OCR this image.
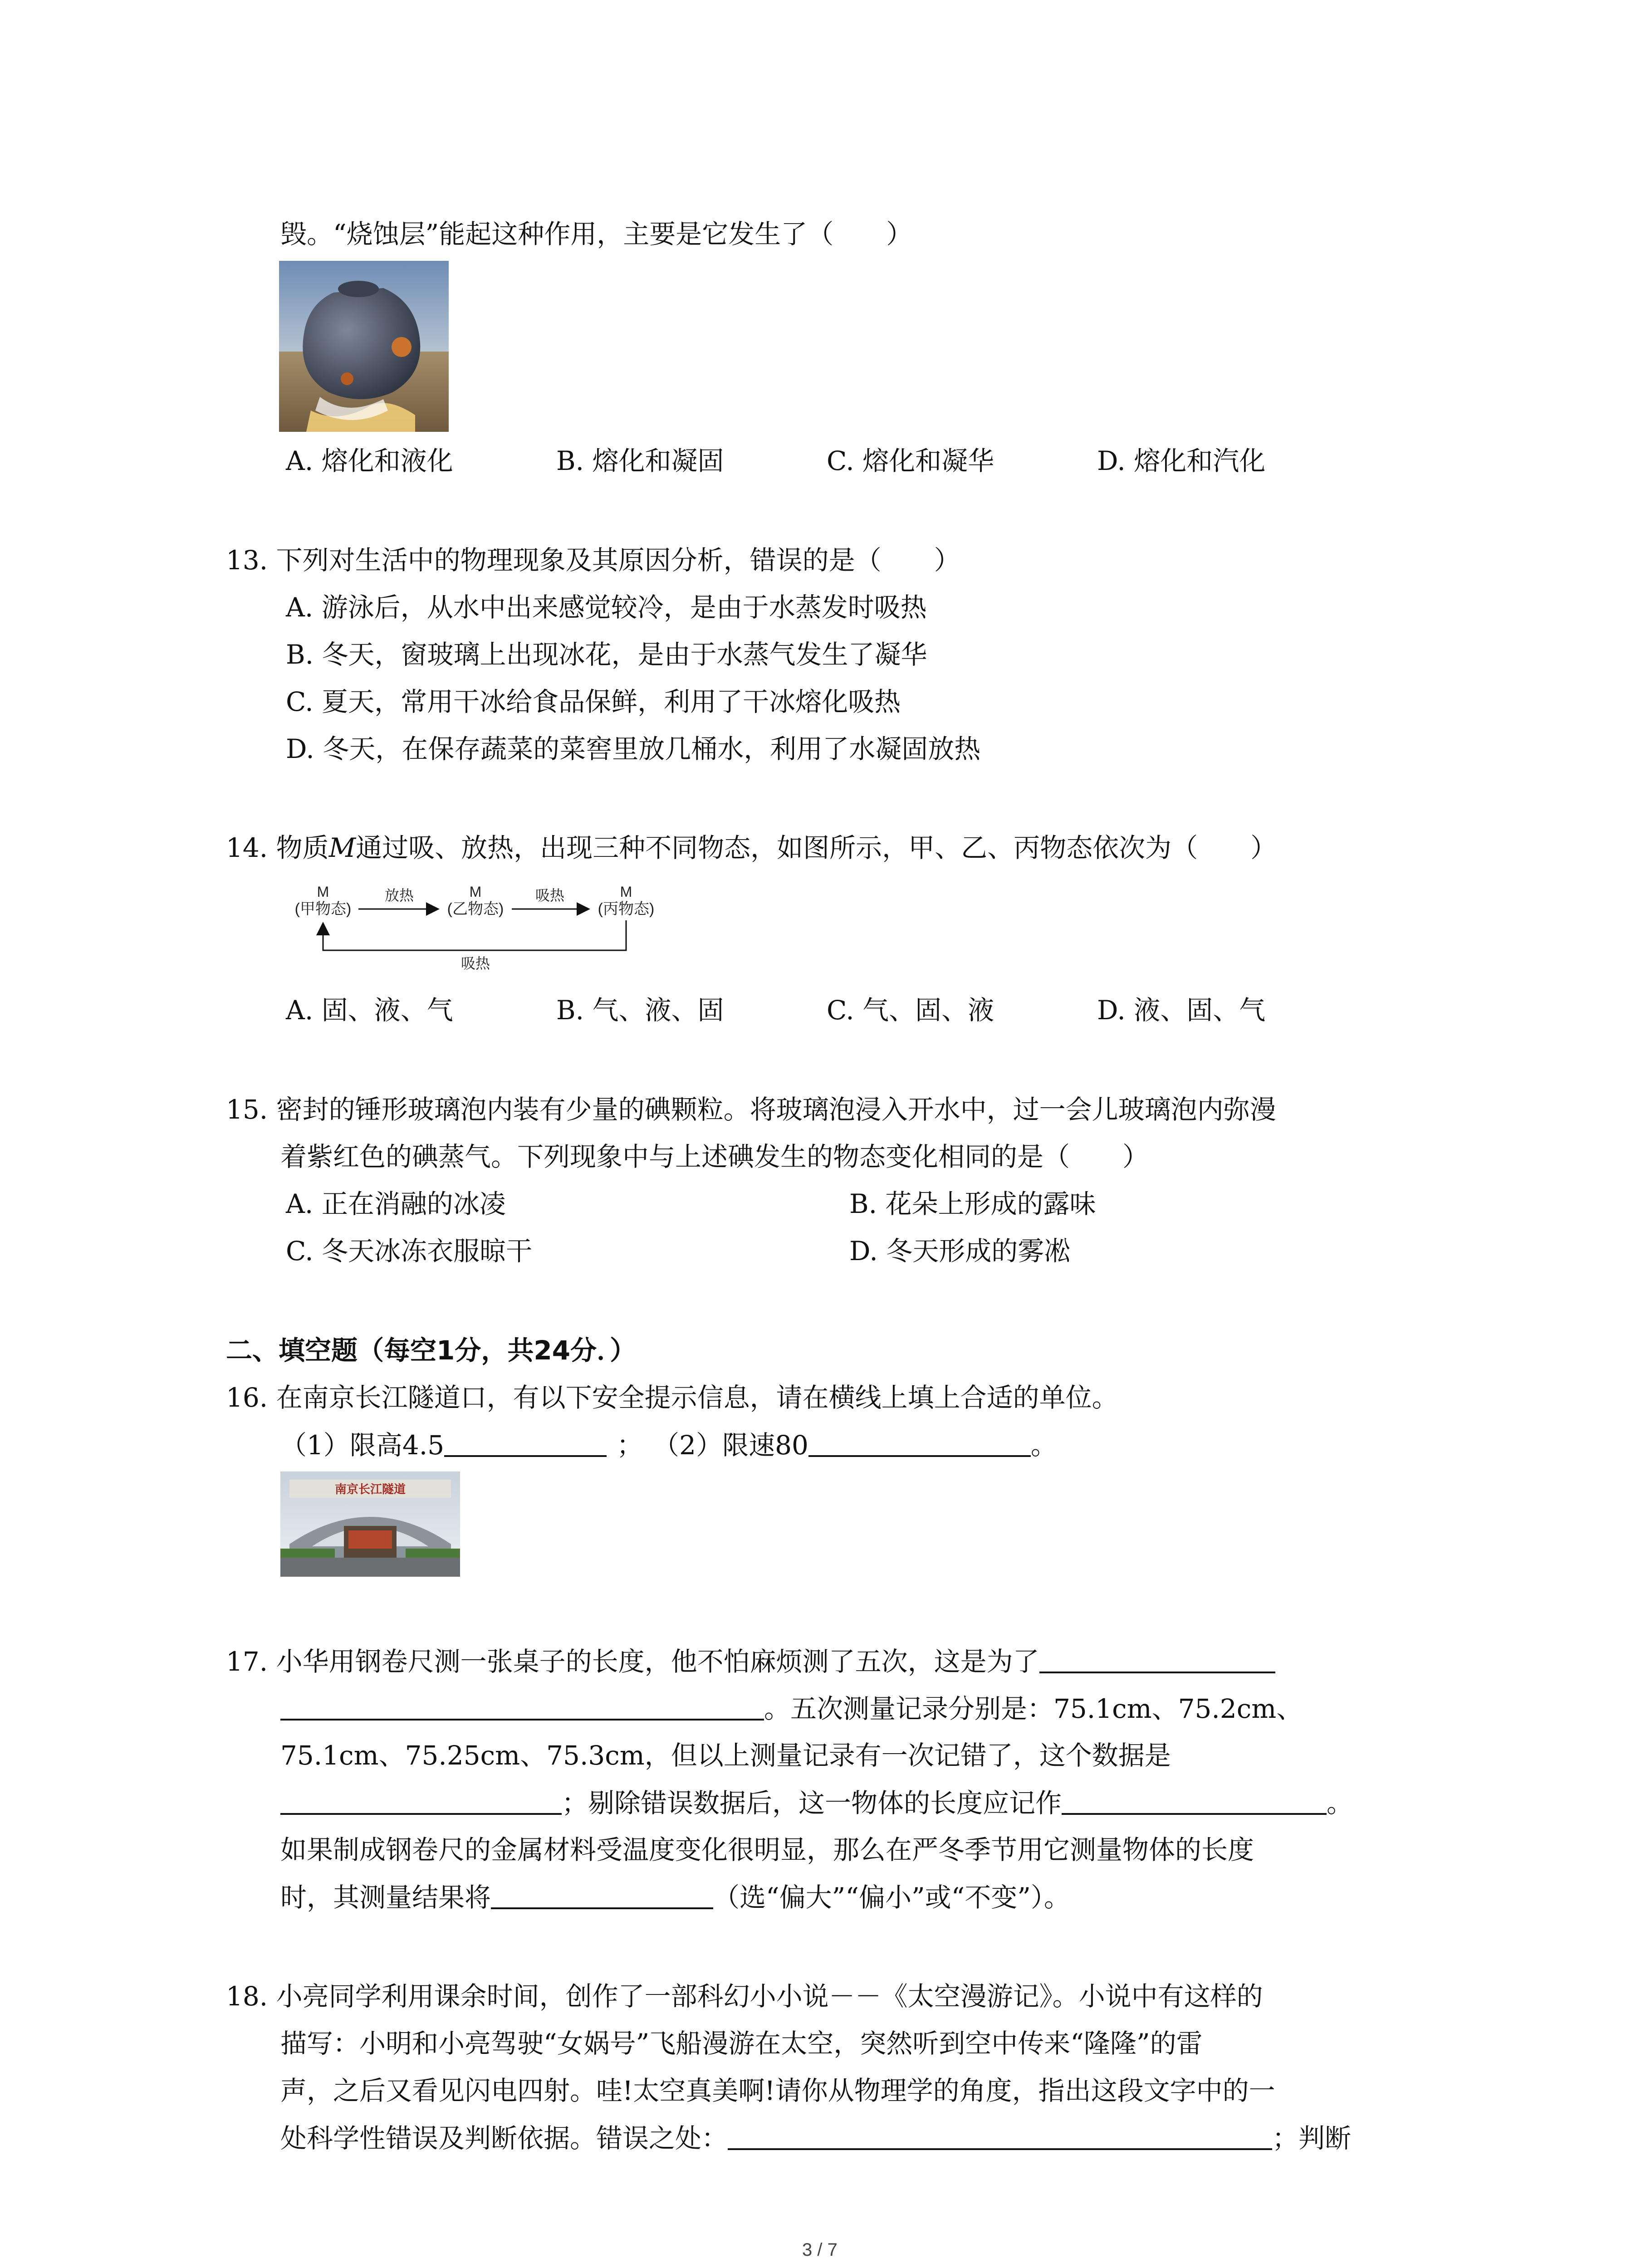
毁。“烧蚀层”能起这种作用，主要是它发生了（　　）
A. 熔化和液化	B. 熔化和凝固	C. 熔化和凝华	D. 熔化和汽化
13. 下列对生活中的物理现象及其原因分析，错误的是（　　）
A. 游泳后，从水中出来感觉较冷，是由于水蒸发时吸热
B. 冬天，窗玻璃上出现冰花，是由于水蒸气发生了凝华
C. 夏天，常用干冰给食品保鲜，利用了干冰熔化吸热
D. 冬天，在保存蔬菜的菜窖里放几桶水，利用了水凝固放热
14. 物质M通过吸、放热，出现三种不同物态，如图所示，甲、乙、丙物态依次为（　　）
M
(甲物态)
M
(乙物态)
M
(丙物态)
放热	吸热
吸热
A. 固、液、气	B. 气、液、固	C. 气、固、液	D. 液、固、气
15. 密封的锤形玻璃泡内装有少量的碘颗粒。将玻璃泡浸入开水中，过一会儿玻璃泡内弥漫
着紫红色的碘蒸气。下列现象中与上述碘发生的物态变化相同的是（　　）
A. 正在消融的冰凌	B. 花朵上形成的露味
C. 冬天冰冻衣服晾干	D. 冬天形成的雾凇
二、填空题（每空1分，共24分．）
16. 在南京长江隧道口，有以下安全提示信息，请在横线上填上合适的单位。
（1）限高4.5	； （2）限速80	。
南京长江隧道
17. 小华用钢卷尺测一张桌子的长度，他不怕麻烦测了五次，这是为了
。五次测量记录分别是：75.1cm、75.2cm、
75.1cm、75.25cm、75.3cm，但以上测量记录有一次记错了，这个数据是
；剔除错误数据后，这一物体的长度应记作	。
如果制成钢卷尺的金属材料受温度变化很明显，那么在严冬季节用它测量物体的长度
时，其测量结果将	（选“偏大”“偏小”或“不变”）。
18. 小亮同学利用课余时间，创作了一部科幻小小说－－《太空漫游记》。小说中有这样的
描写：小明和小亮驾驶“女娲号”飞船漫游在太空，突然听到空中传来“隆隆”的雷
声，之后又看见闪电四射。哇!太空真美啊!请你从物理学的角度，指出这段文字中的一
处科学性错误及判断依据。错误之处：	；判断
3 / 7
